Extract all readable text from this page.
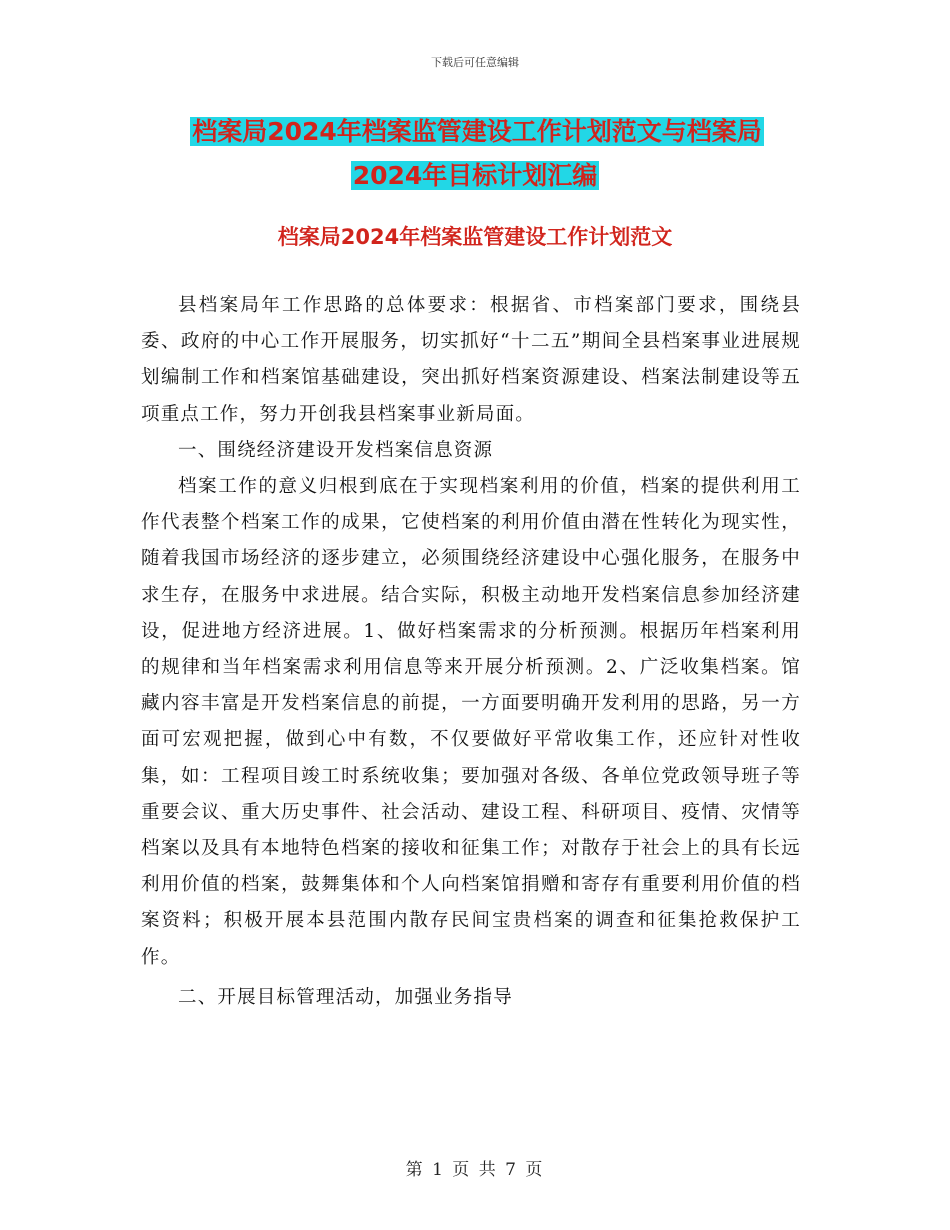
下载后可任意编辑
档案局2024年档案监管建设工作计划范文与档案局
2024年目标计划汇编
档案局2024年档案监管建设工作计划范文

县档案局年工作思路的总体要求：根据省、市档案部门要求，围绕县委、政府的中心工作开展服务，切实抓好“十二五”期间全县档案事业进展规划编制工作和档案馆基础建设，突出抓好档案资源建设、档案法制建设等五项重点工作，努力开创我县档案事业新局面。

一、围绕经济建设开发档案信息资源

档案工作的意义归根到底在于实现档案利用的价值，档案的提供利用工作代表整个档案工作的成果，它使档案的利用价值由潜在性转化为现实性，随着我国市场经济的逐步建立，必须围绕经济建设中心强化服务，在服务中求生存，在服务中求进展。结合实际，积极主动地开发档案信息参加经济建设，促进地方经济进展。1、做好档案需求的分析预测。根据历年档案利用的规律和当年档案需求利用信息等来开展分析预测。2、广泛收集档案。馆藏内容丰富是开发档案信息的前提，一方面要明确开发利用的思路，另一方面可宏观把握，做到心中有数，不仅要做好平常收集工作，还应针对性收集，如：工程项目竣工时系统收集；要加强对各级、各单位党政领导班子等重要会议、重大历史事件、社会活动、建设工程、科研项目、疫情、灾情等档案以及具有本地特色档案的接收和征集工作；对散存于社会上的具有长远利用价值的档案，鼓舞集体和个人向档案馆捐赠和寄存有重要利用价值的档案资料；积极开展本县范围内散存民间宝贵档案的调查和征集抢救保护工作。

二、开展目标管理活动，加强业务指导

第 1 页 共 7 页
